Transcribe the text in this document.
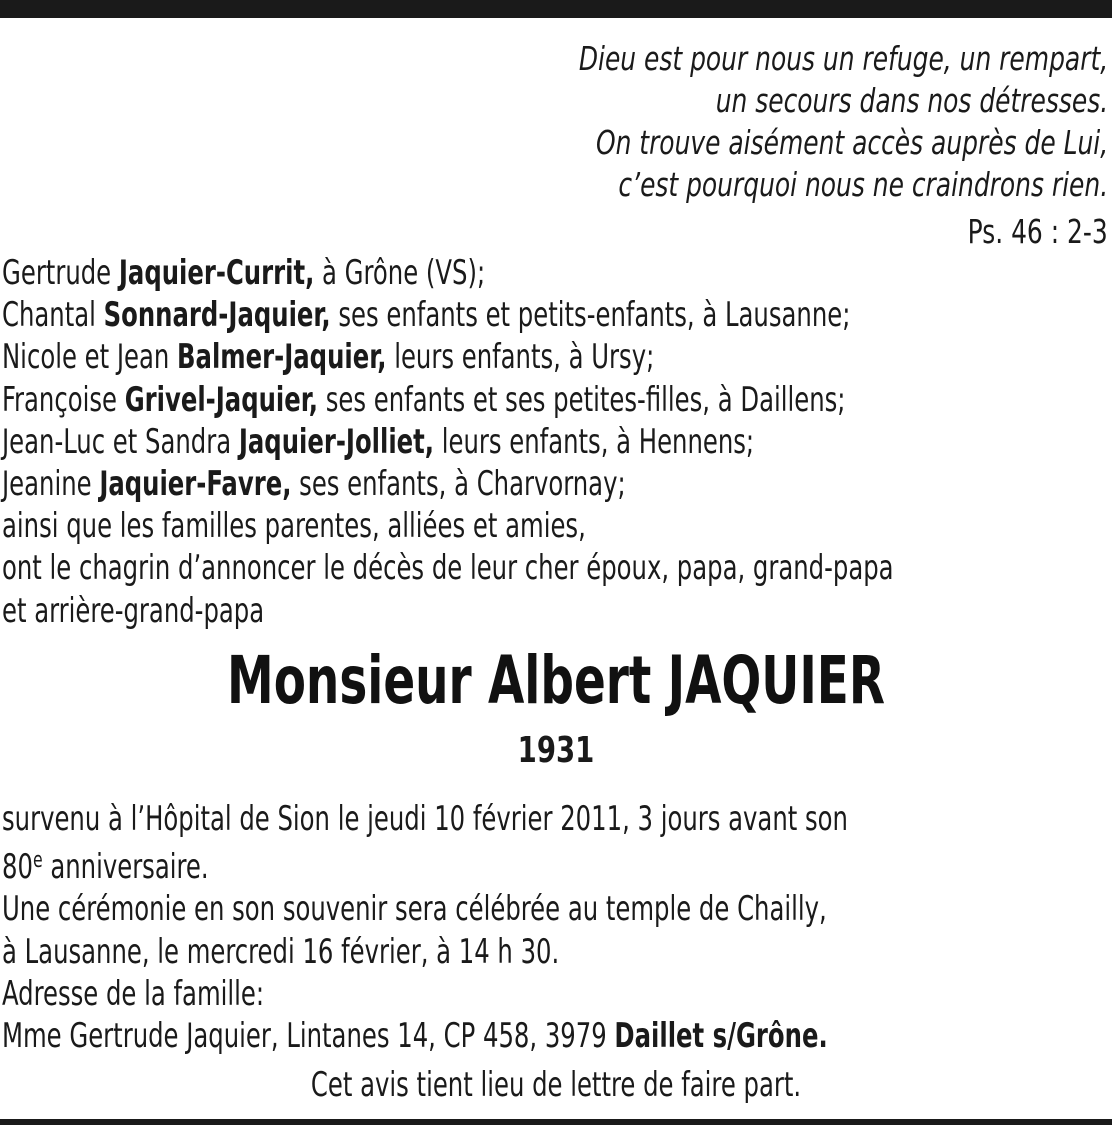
Dieu est pour nous un refuge, un rempart,
un secours dans nos détresses.
On trouve aisément accès auprès de Lui,
c’est pourquoi nous ne craindrons rien.
Ps. 46 : 2-3
Gertrude Jaquier-Currit, à Grône (VS);
Chantal Sonnard-Jaquier, ses enfants et petits-enfants, à Lausanne;
Nicole et Jean Balmer-Jaquier, leurs enfants, à Ursy;
Françoise Grivel-Jaquier, ses enfants et ses petites-filles, à Daillens;
Jean-Luc et Sandra Jaquier-Jolliet, leurs enfants, à Hennens;
Jeanine Jaquier-Favre, ses enfants, à Charvornay;
ainsi que les familles parentes, alliées et amies,
ont le chagrin d’annoncer le décès de leur cher époux, papa, grand-papa
et arrière-grand-papa
Monsieur Albert JAQUIER
1931
survenu à l’Hôpital de Sion le jeudi 10 février 2011, 3 jours avant son
80e anniversaire.
Une cérémonie en son souvenir sera célébrée au temple de Chailly,
à Lausanne, le mercredi 16 février, à 14 h 30.
Adresse de la famille:
Mme Gertrude Jaquier, Lintanes 14, CP 458, 3979 Daillet s/Grône.
Cet avis tient lieu de lettre de faire part.
